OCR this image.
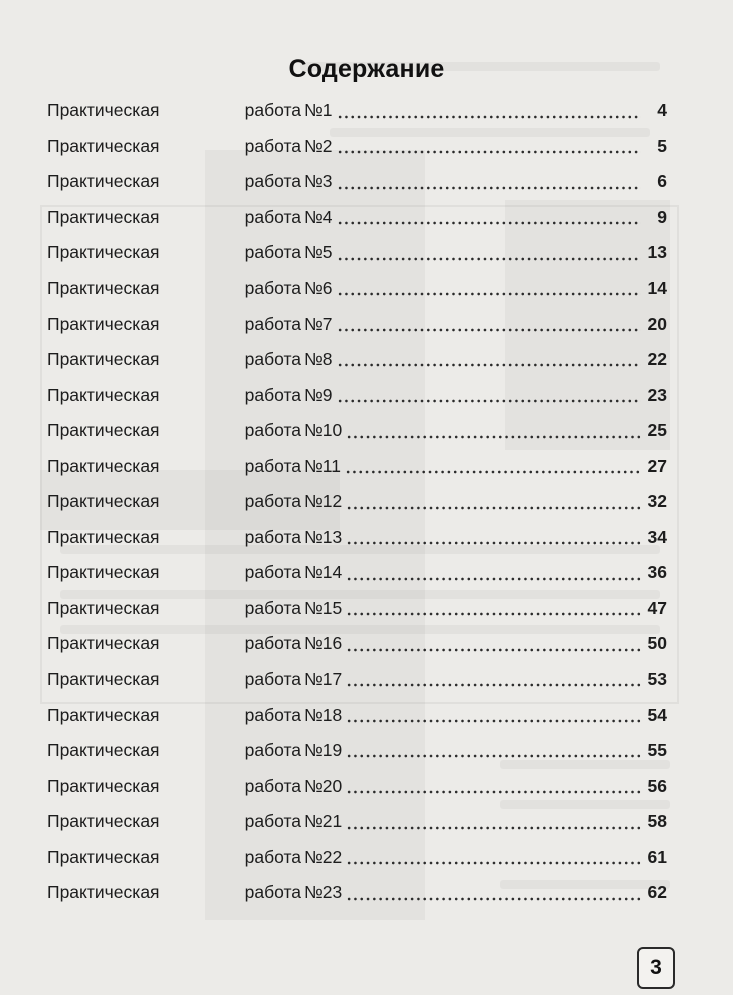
Содержание
Практическая	работа №1	4
Практическая	работа №2	5
Практическая	работа №3	6
Практическая	работа №4	9
Практическая	работа №5	13
Практическая	работа №6	14
Практическая	работа №7	20
Практическая	работа №8	22
Практическая	работа №9	23
Практическая	работа №10	25
Практическая	работа №11	27
Практическая	работа №12	32
Практическая	работа №13	34
Практическая	работа №14	36
Практическая	работа №15	47
Практическая	работа №16	50
Практическая	работа №17	53
Практическая	работа №18	54
Практическая	работа №19	55
Практическая	работа №20	56
Практическая	работа №21	58
Практическая	работа №22	61
Практическая	работа №23	62
3
